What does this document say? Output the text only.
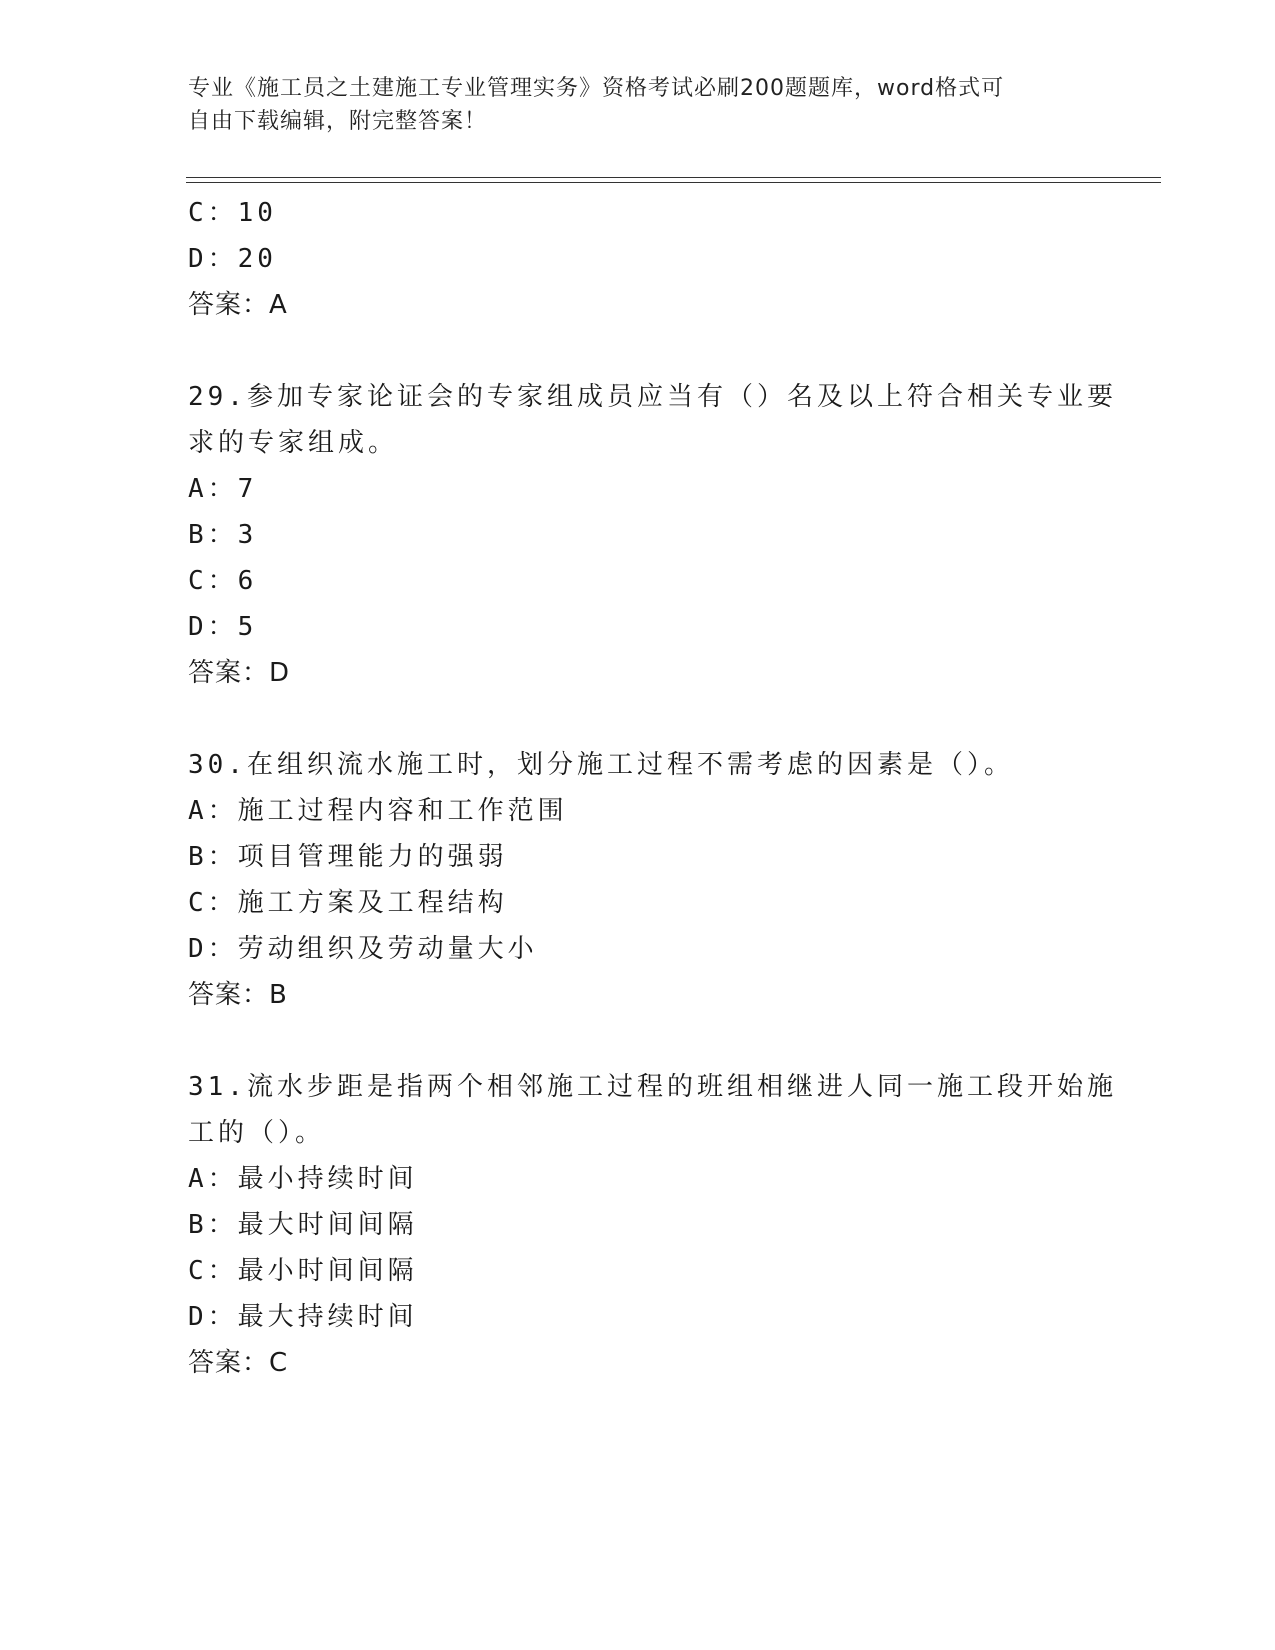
专业《施工员之土建施工专业管理实务》资格考试必刷200题题库，word格式可
自由下载编辑，附完整答案！
C：10
D：20
答案：A
29.参加专家论证会的专家组成员应当有（）名及以上符合相关专业要
求的专家组成。
A：7
B：3
C：6
D：5
答案：D
30.在组织流水施工时，划分施工过程不需考虑的因素是（）。
A：施工过程内容和工作范围
B：项目管理能力的强弱
C：施工方案及工程结构
D：劳动组织及劳动量大小
答案：B
31.流水步距是指两个相邻施工过程的班组相继进人同一施工段开始施
工的（）。
A：最小持续时间
B：最大时间间隔
C：最小时间间隔
D：最大持续时间
答案：C
